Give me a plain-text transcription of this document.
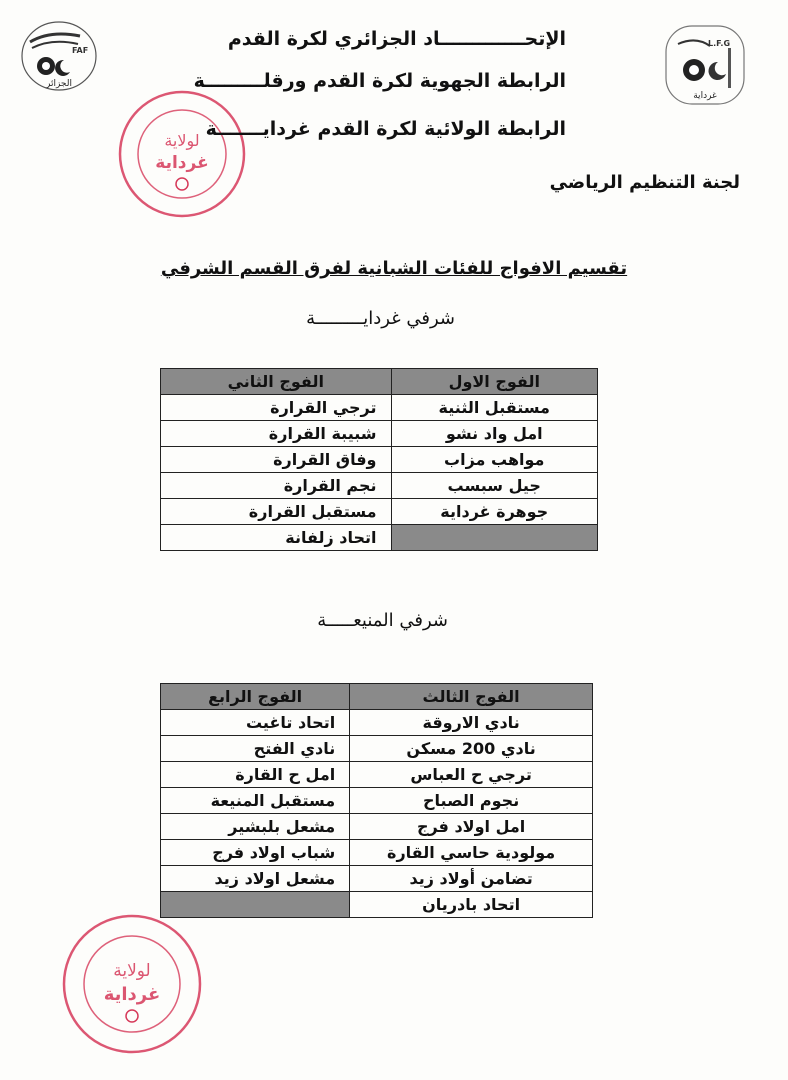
FAF
الجزائر
L.F.G
غرداية
لولاية
غرداية
لولاية
غرداية
الإتحـــــــــــــاد الجزائري لكرة القدم
الرابطة الجهوية لكرة القدم ورقلـــــــــة
الرابطة الولائية لكرة القدم غردايـــــــة
لجنة التنظيم الرياضي
تقسيم الافواج للفئات الشبانية لفرق القسم الشرفي
شرفي غردايـــــــــة
الفوج الاول	الفوج الثاني
مستقبل الثنية	ترجي القرارة
امل واد نشو	شبيبة القرارة
مواهب مزاب	وفاق القرارة
جيل سبسب	نجم القرارة
جوهرة غرداية	مستقبل القرارة
	اتحاد زلفانة
شرفي المنيعـــــة
الفوج الثالث	الفوج الرابع
نادي الاروقة	اتحاد تاغيت
نادي 200 مسكن	نادي الفتح
ترجي ح العباس	امل ح القارة
نجوم الصباح	مستقبل المنيعة
امل اولاد فرج	مشعل بلبشير
مولودية حاسي القارة	شباب اولاد فرج
تضامن أولاد زيد	مشعل اولاد زيد
اتحاد بادريان	
